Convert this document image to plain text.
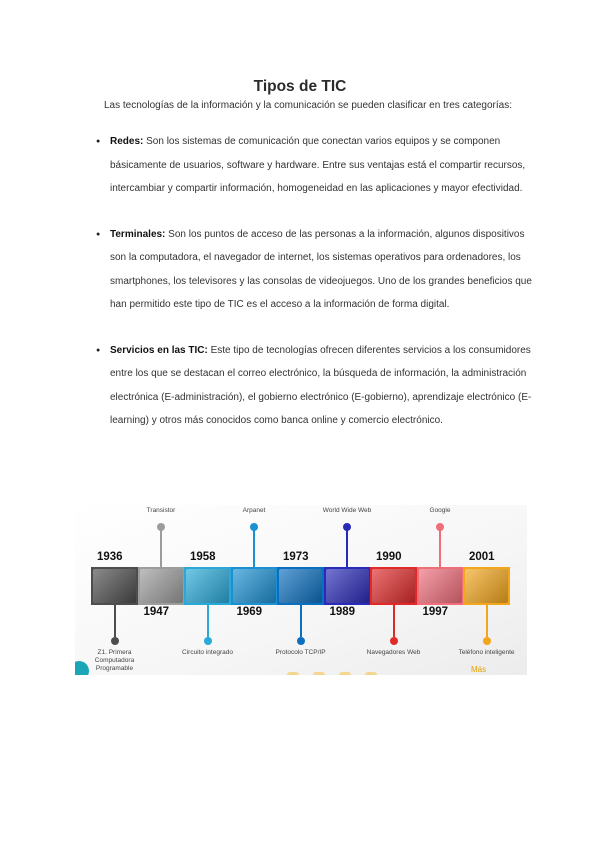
Tipos de TIC
Las tecnologías de la información y la comunicación se pueden clasificar en tres categorías:
● Redes: Son los sistemas de comunicación que conectan varios equipos y se componen básicamente de usuarios, software y hardware. Entre sus ventajas está el compartir recursos, intercambiar y compartir información, homogeneidad en las aplicaciones y mayor efectividad.
● Terminales: Son los puntos de acceso de las personas a la información, algunos dispositivos son la computadora, el navegador de internet, los sistemas operativos para ordenadores, los smartphones, los televisores y las consolas de videojuegos. Uno de los grandes beneficios que han permitido este tipo de TIC es el acceso a la información de forma digital.
● Servicios en las TIC: Este tipo de tecnologías ofrecen diferentes servicios a los consumidores entre los que se destacan el correo electrónico, la búsqueda de información, la administración electrónica (E-administración), el gobierno electrónico (E-gobierno), aprendizaje electrónico (E-learning) y otros más conocidos como banca online y comercio electrónico.
Más
1936
Z1. Primera Computadora Programable
1947
Transistor
1958
Circuito integrado
1969
Arpanet
1973
Protocolo TCP/IP
1989
World Wide Web
1990
Navegadores Web
1997
Google
2001
Teléfono inteligente
